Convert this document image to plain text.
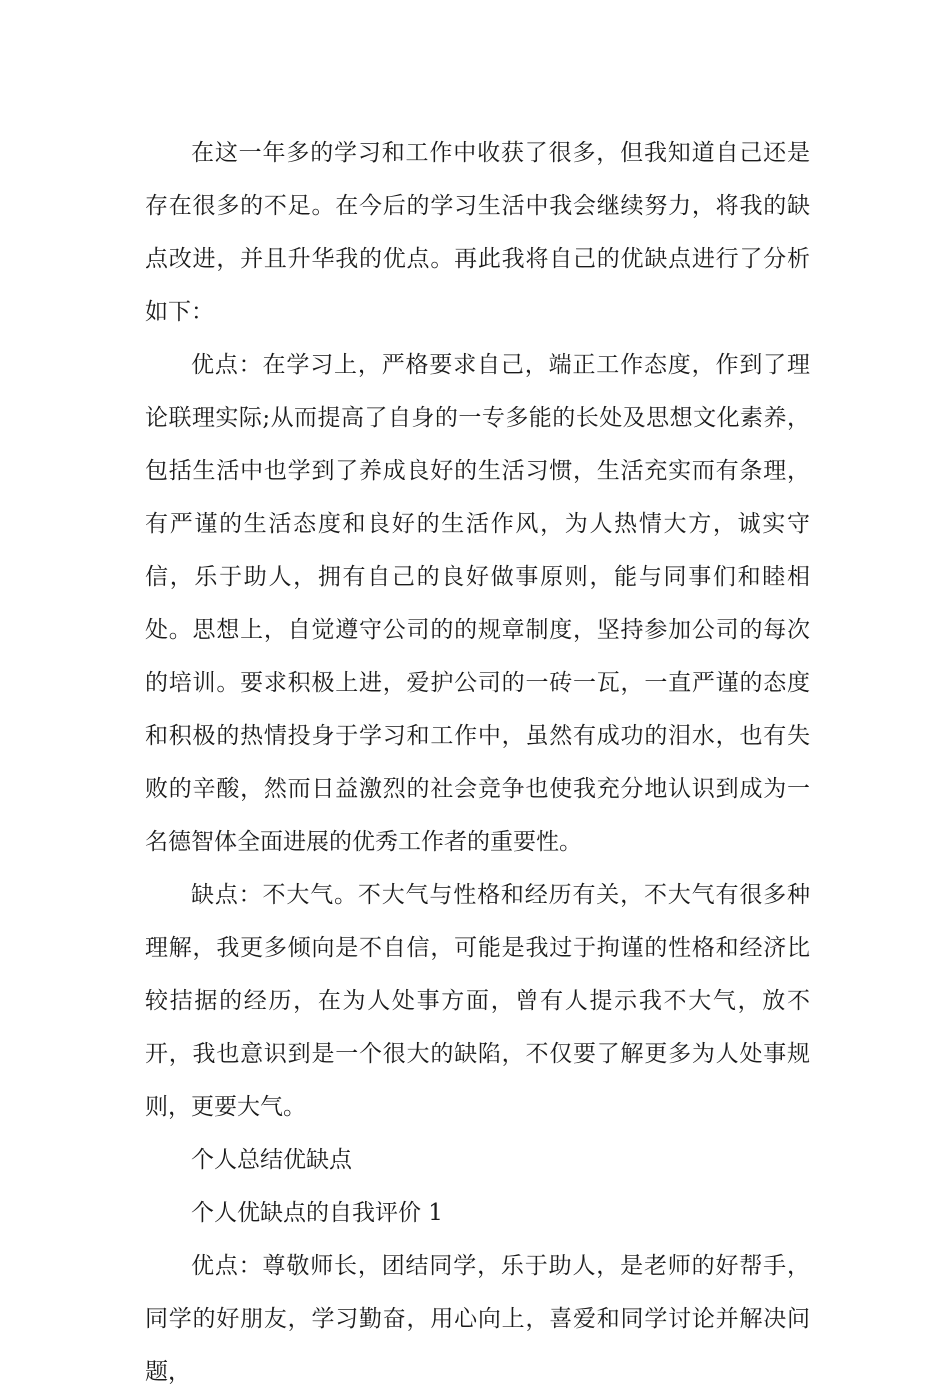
在这一年多的学习和工作中收获了很多，但我知道自己还是存在很多的不足。在今后的学习生活中我会继续努力，将我的缺点改进，并且升华我的优点。再此我将自己的优缺点进行了分析如下：

优点：在学习上，严格要求自己，端正工作态度，作到了理论联理实际;从而提高了自身的一专多能的长处及思想文化素养，包括生活中也学到了养成良好的生活习惯，生活充实而有条理，有严谨的生活态度和良好的生活作风，为人热情大方，诚实守信，乐于助人，拥有自己的良好做事原则，能与同事们和睦相处。思想上，自觉遵守公司的的规章制度，坚持参加公司的每次的培训。要求积极上进，爱护公司的一砖一瓦，一直严谨的态度和积极的热情投身于学习和工作中，虽然有成功的泪水，也有失败的辛酸，然而日益激烈的社会竞争也使我充分地认识到成为一名德智体全面进展的优秀工作者的重要性。

缺点：不大气。不大气与性格和经历有关，不大气有很多种理解，我更多倾向是不自信，可能是我过于拘谨的性格和经济比较拮据的经历，在为人处事方面，曾有人提示我不大气，放不开，我也意识到是一个很大的缺陷，不仅要了解更多为人处事规则，更要大气。

个人总结优缺点

个人优缺点的自我评价 1

优点：尊敬师长，团结同学，乐于助人，是老师的好帮手，同学的好朋友，学习勤奋，用心向上，喜爱和同学讨论并解决问题，
